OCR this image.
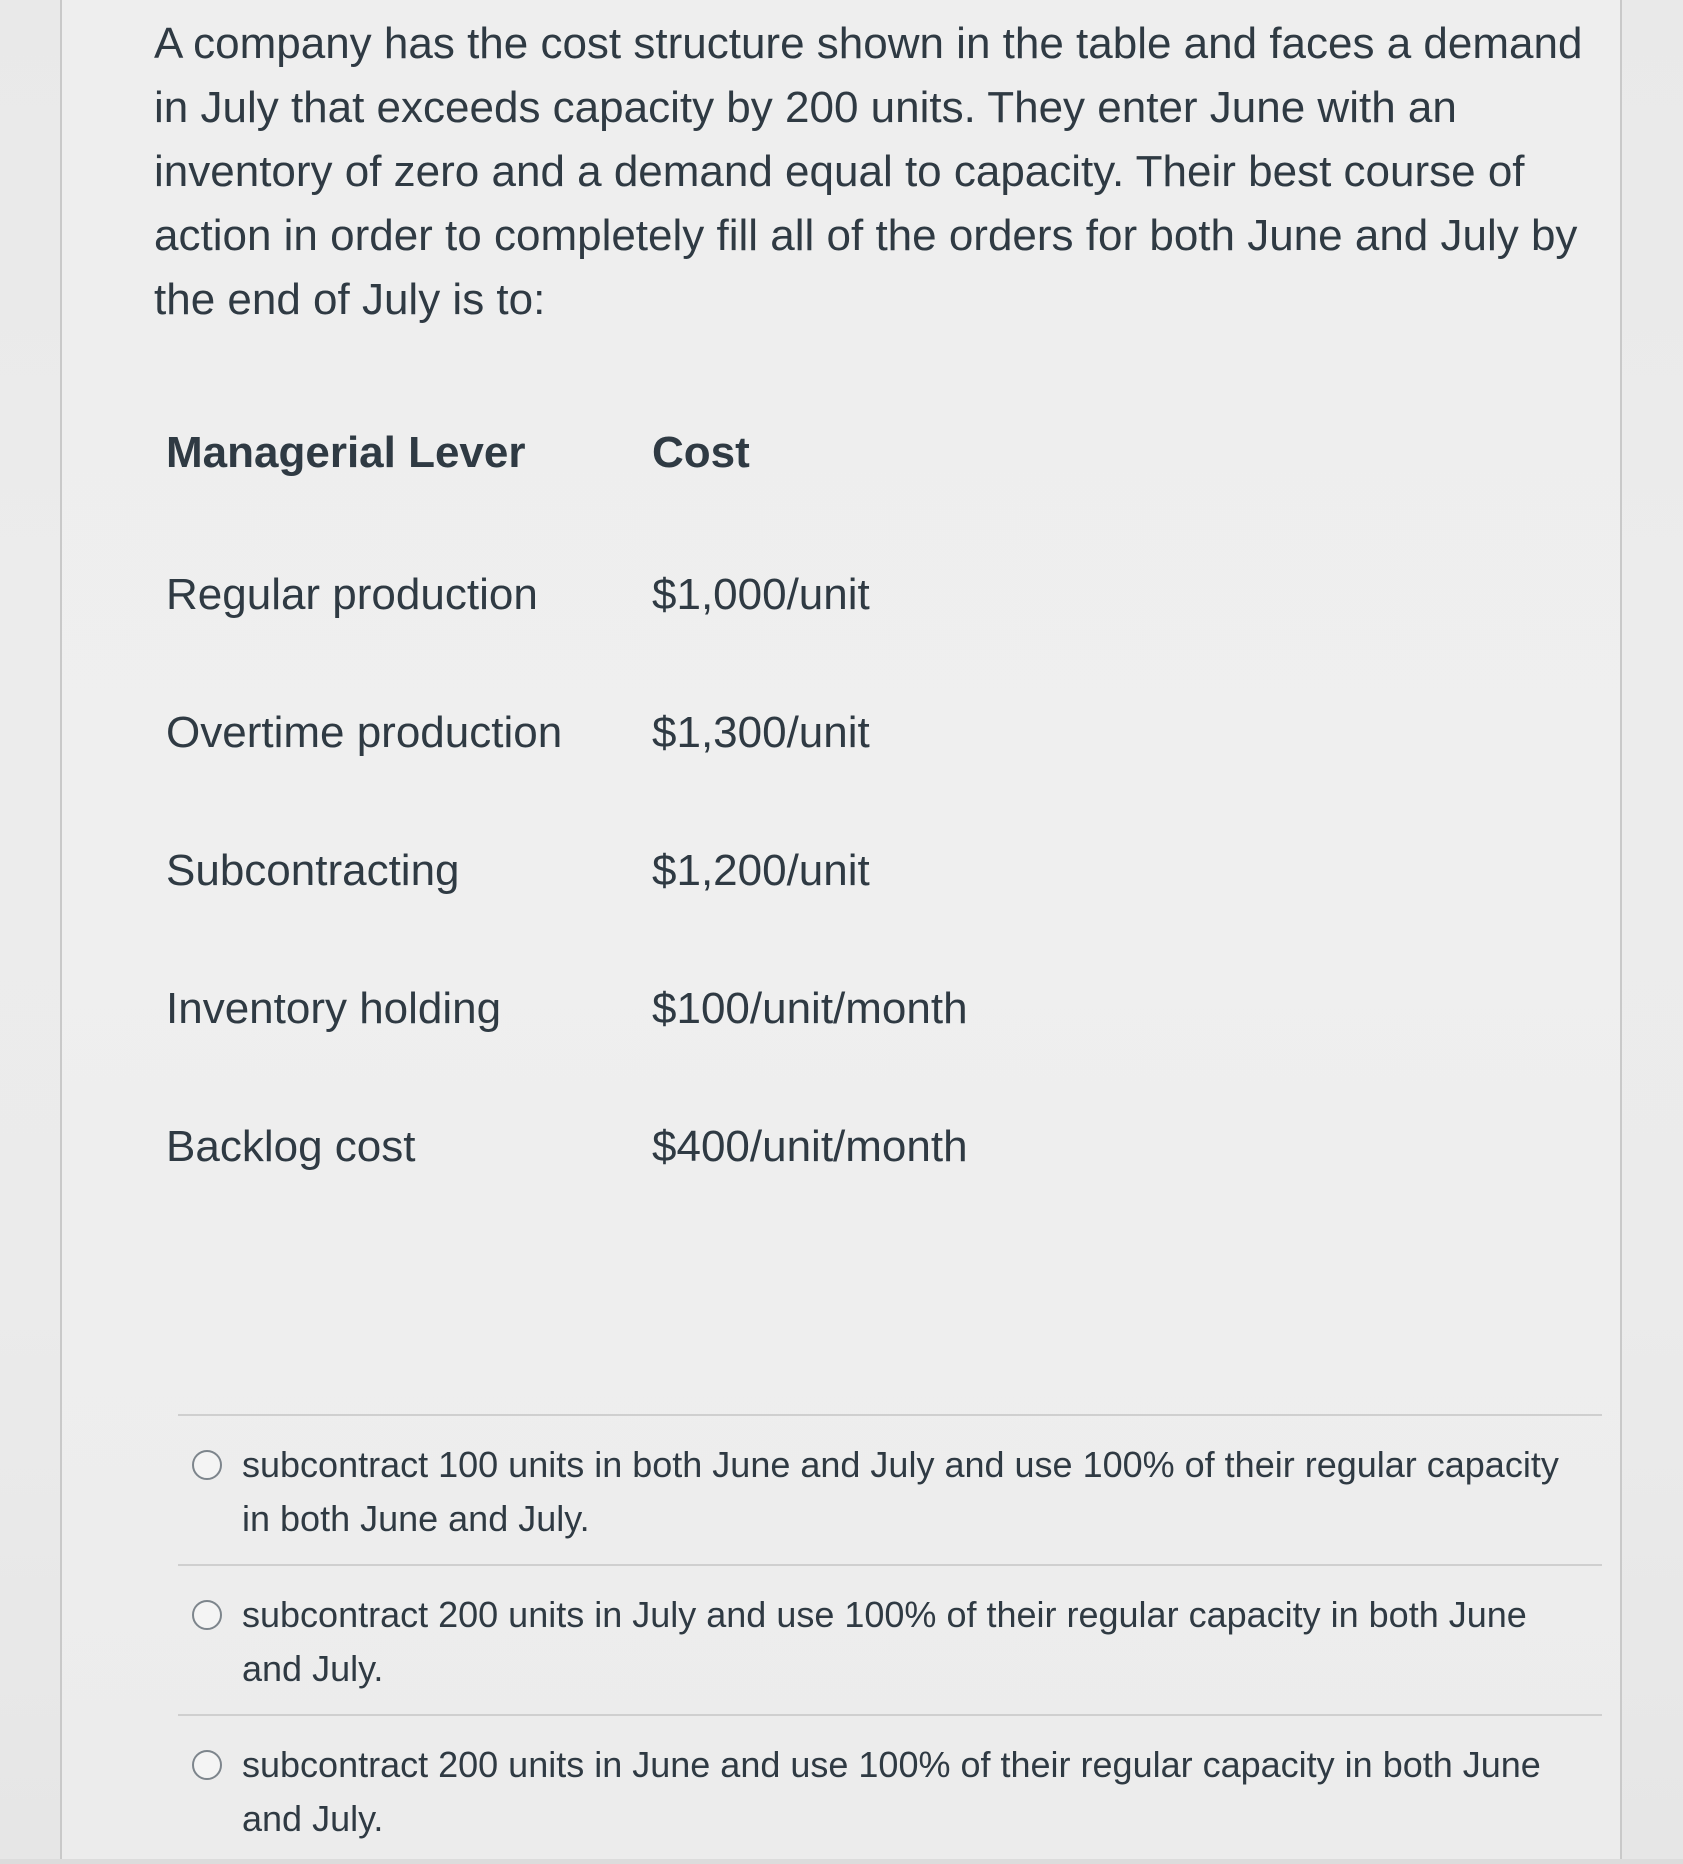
A company has the cost structure shown in the table and faces a demand in July that exceeds capacity by 200 units. They enter June with an inventory of zero and a demand equal to capacity. Their best course of action in order to completely fill all of the orders for both June and July by the end of July is to:

Managerial Lever	Cost
Regular production	$1,000/unit
Overtime production	$1,300/unit
Subcontracting	$1,200/unit
Inventory holding	$100/unit/month
Backlog cost	$400/unit/month
subcontract 100 units in both June and July and use 100% of their regular capacity in both June and July.
subcontract 200 units in July and use 100% of their regular capacity in both June and July.
subcontract 200 units in June and use 100% of their regular capacity in both June and July.
